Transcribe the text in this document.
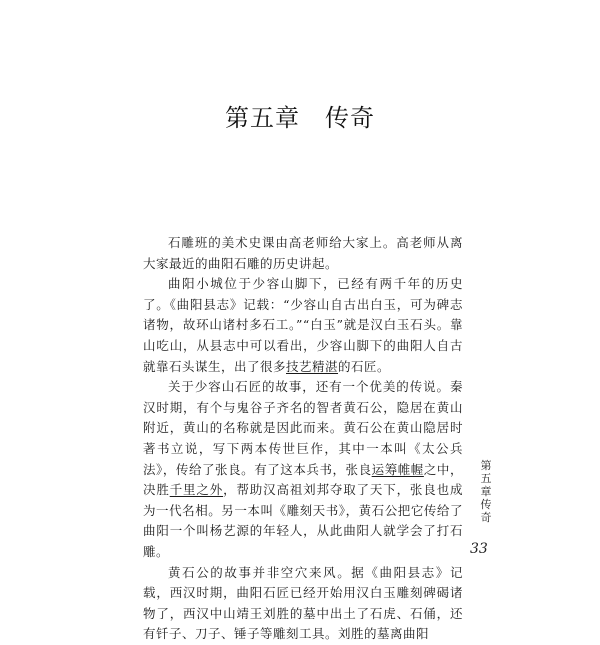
第五章　传奇

石雕班的美术史课由高老师给大家上。高老师从离大家最近的曲阳石雕的历史讲起。

曲阳小城位于少容山脚下，已经有两千年的历史了。《曲阳县志》记载：“少容山自古出白玉，可为碑志诸物，故环山诸村多石工。”“白玉”就是汉白玉石头。靠山吃山，从县志中可以看出，少容山脚下的曲阳人自古就靠石头谋生，出了很多技艺精湛的石匠。

关于少容山石匠的故事，还有一个优美的传说。秦汉时期，有个与鬼谷子齐名的智者黄石公，隐居在黄山附近，黄山的名称就是因此而来。黄石公在黄山隐居时著书立说，写下两本传世巨作，其中一本叫《太公兵法》，传给了张良。有了这本兵书，张良运筹帷幄之中，决胜千里之外，帮助汉高祖刘邦夺取了天下，张良也成为一代名相。另一本叫《雕刻天书》，黄石公把它传给了曲阳一个叫杨艺源的年轻人，从此曲阳人就学会了打石雕。

黄石公的故事并非空穴来风。据《曲阳县志》记载，西汉时期，曲阳石匠已经开始用汉白玉雕刻碑碣诸物了，西汉中山靖王刘胜的墓中出土了石虎、石俑，还有钎子、刀子、锤子等雕刻工具。刘胜的墓离曲阳

第五章　传奇
33
